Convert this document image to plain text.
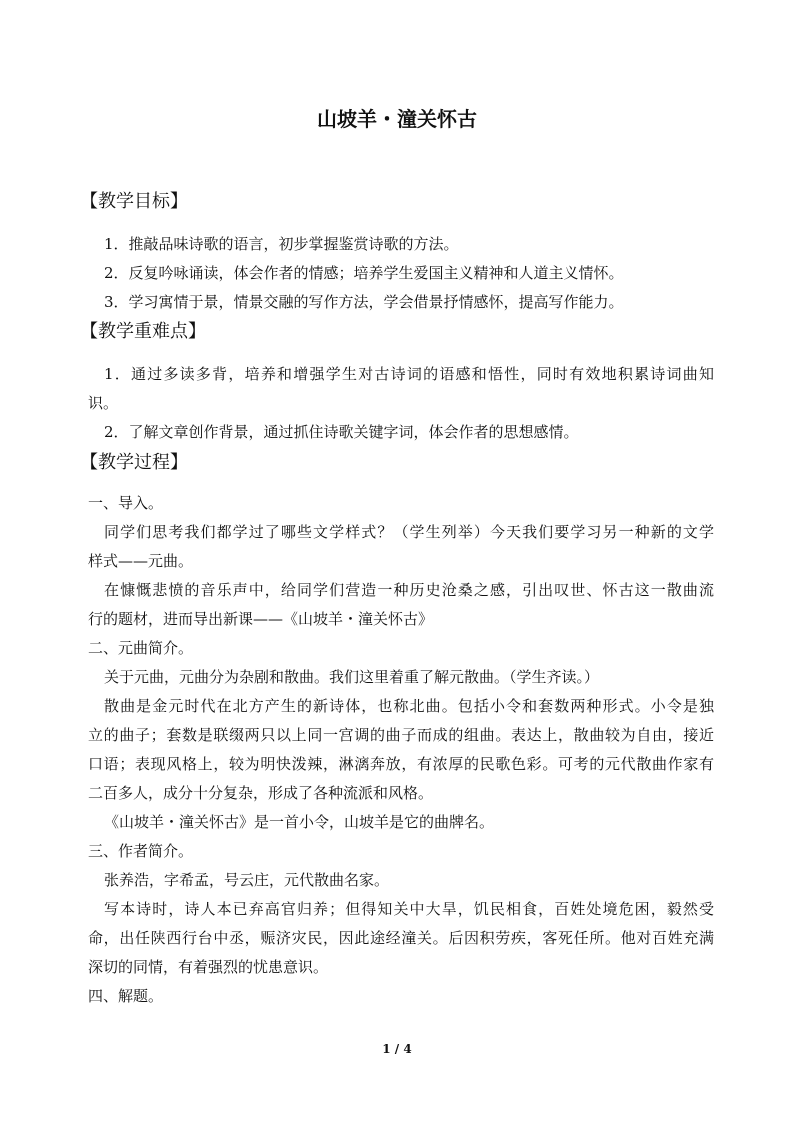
山坡羊・潼关怀古
【教学目标】
1．推敲品味诗歌的语言，初步掌握鉴赏诗歌的方法。
2．反复吟咏诵读，体会作者的情感；培养学生爱国主义精神和人道主义情怀。
3．学习寓情于景，情景交融的写作方法，学会借景抒情感怀，提高写作能力。
【教学重难点】
1．通过多读多背，培养和增强学生对古诗词的语感和悟性，同时有效地积累诗词曲知
识。
2．了解文章创作背景，通过抓住诗歌关键字词，体会作者的思想感情。
【教学过程】
一、导入。
同学们思考我们都学过了哪些文学样式？（学生列举）今天我们要学习另一种新的文学
样式——元曲。
在慷慨悲愤的音乐声中，给同学们营造一种历史沧桑之感，引出叹世、怀古这一散曲流
行的题材，进而导出新课——《山坡羊・潼关怀古》
二、元曲简介。
关于元曲，元曲分为杂剧和散曲。我们这里着重了解元散曲。（学生齐读。）
散曲是金元时代在北方产生的新诗体，也称北曲。包括小令和套数两种形式。小令是独
立的曲子；套数是联缀两只以上同一宫调的曲子而成的组曲。表达上，散曲较为自由，接近
口语；表现风格上，较为明快泼辣，淋漓奔放，有浓厚的民歌色彩。可考的元代散曲作家有
二百多人，成分十分复杂，形成了各种流派和风格。
《山坡羊・潼关怀古》是一首小令，山坡羊是它的曲牌名。
三、作者简介。
张养浩，字希孟，号云庄，元代散曲名家。
写本诗时，诗人本已弃高官归养；但得知关中大旱，饥民相食，百姓处境危困，毅然受
命，出任陕西行台中丞，赈济灾民，因此途经潼关。后因积劳疾，客死任所。他对百姓充满
深切的同情，有着强烈的忧患意识。
四、解题。
1 / 4
